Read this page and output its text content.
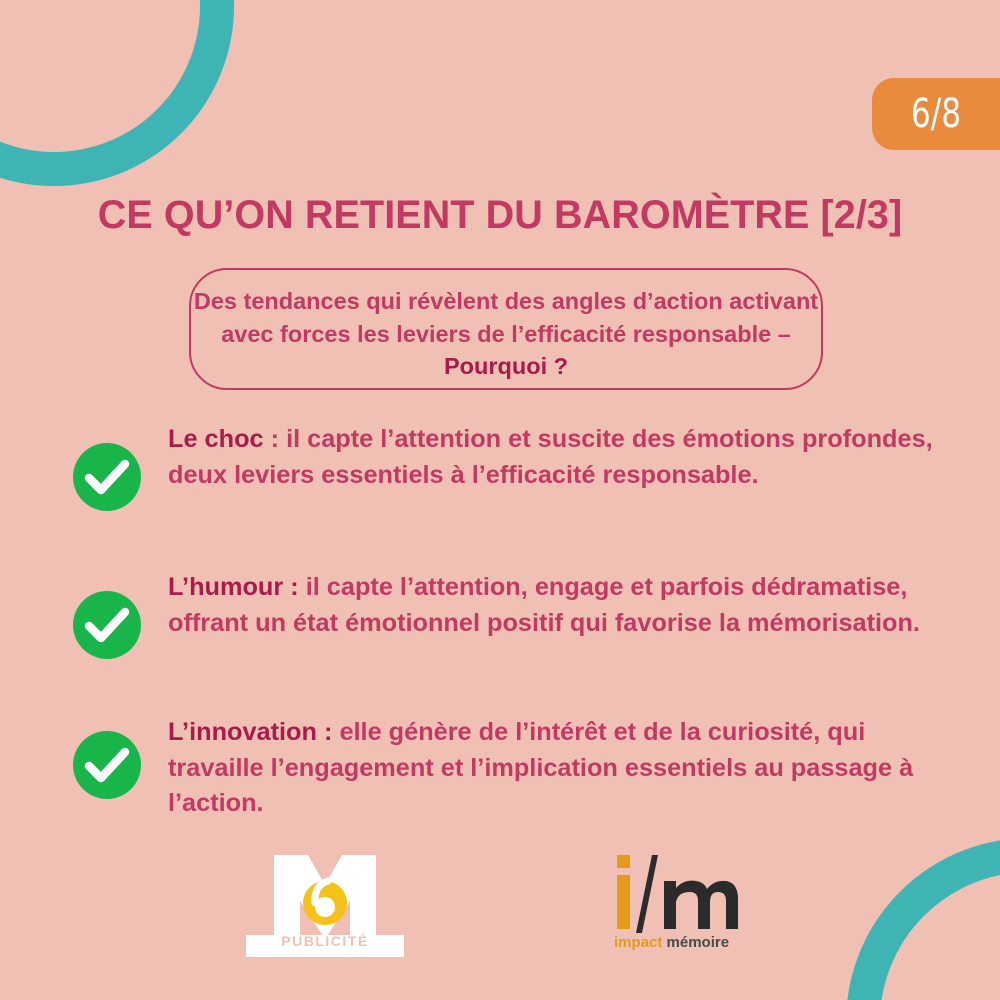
6/8
CE QU’ON RETIENT DU BAROMÈTRE [2/3]
Des tendances qui révèlent des angles d’action activant avec forces les leviers de l’efficacité responsable – Pourquoi ?
Le choc : il capte l’attention et suscite des émotions profondes, deux leviers essentiels à l’efficacité responsable.
L’humour : il capte l’attention, engage et parfois dédramatise, offrant un état émotionnel positif qui favorise la mémorisation.
L’innovation : elle génère de l’intérêt et de la curiosité, qui travaille l’engagement et l’implication essentiels au passage à l’action.
PUBLICITÉ	impact mémoire
